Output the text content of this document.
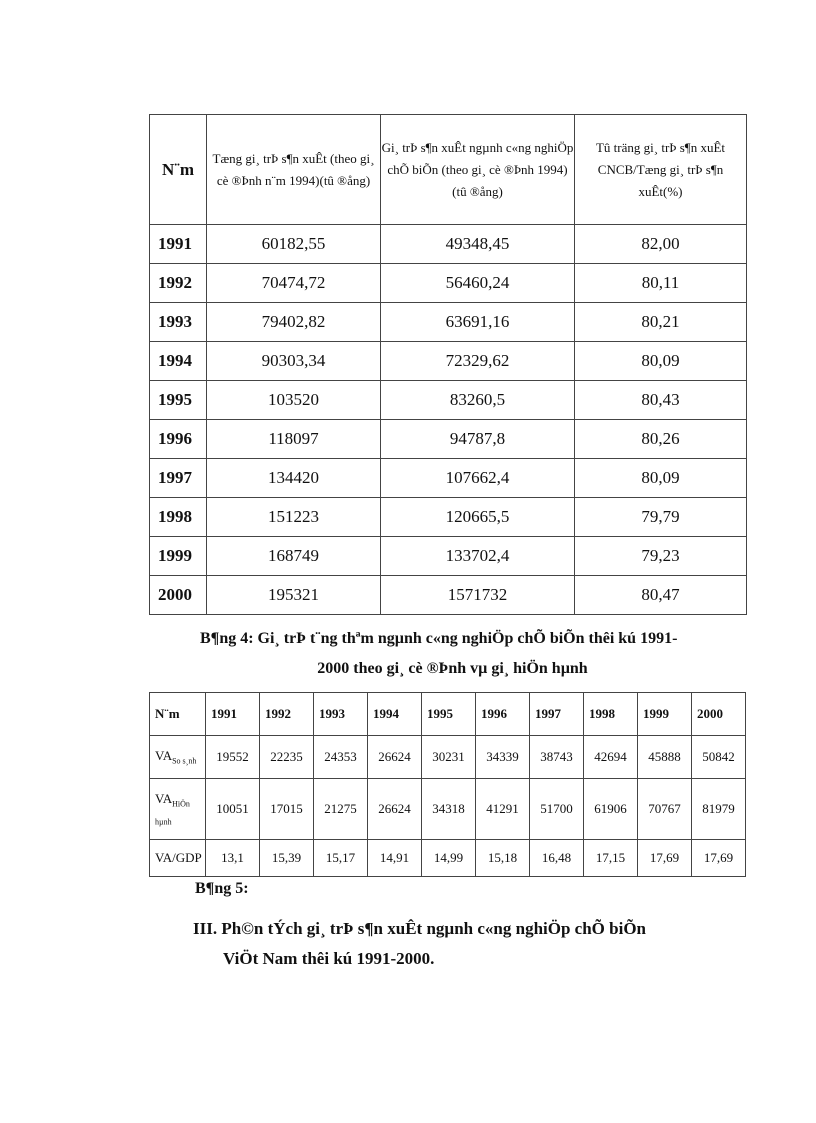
N¨m	Tæng gi¸ trÞ s¶n xuÊt (theo gi¸ cè ®Þnh n¨m 1994)(tû ®ång)	Gi¸ trÞ s¶n xuÊt ngµnh c«ng nghiÖp chÕ biÕn (theo gi¸ cè ®Þnh 1994) (tû ®ång)	Tû träng gi¸ trÞ s¶n xuÊt CNCB/Tæng gi¸ trÞ s¶n xuÊt(%)
1991	60182,55	49348,45	82,00
1992	70474,72	56460,24	80,11
1993	79402,82	63691,16	80,21
1994	90303,34	72329,62	80,09
1995	103520	83260,5	80,43
1996	118097	94787,8	80,26
1997	134420	107662,4	80,09
1998	151223	120665,5	79,79
1999	168749	133702,4	79,23
2000	195321	1571732	80,47
B¶ng 4: Gi¸ trÞ t¨ng thªm ngµnh c«ng nghiÖp chÕ biÕn thêi kú 1991-
2000 theo gi¸ cè ®Þnh vµ gi¸ hiÖn hµnh
N¨m	1991	1992	1993	1994	1995	1996	1997	1998	1999	2000
$VA_{So s¸nh}$	19552	22235	24353	26624	30231	34339	38743	42694	45888	50842
$VA_{HiÖn h\mu nh}$	10051	17015	21275	26624	34318	41291	51700	61906	70767	81979
VA/GDP	13,1	15,39	15,17	14,91	14,99	15,18	16,48	17,15	17,69	17,69
B¶ng 5:
III. Ph©n tÝch gi¸ trÞ s¶n xuÊt ngµnh c«ng nghiÖp chÕ biÕn
ViÖt Nam thêi kú 1991-2000.
